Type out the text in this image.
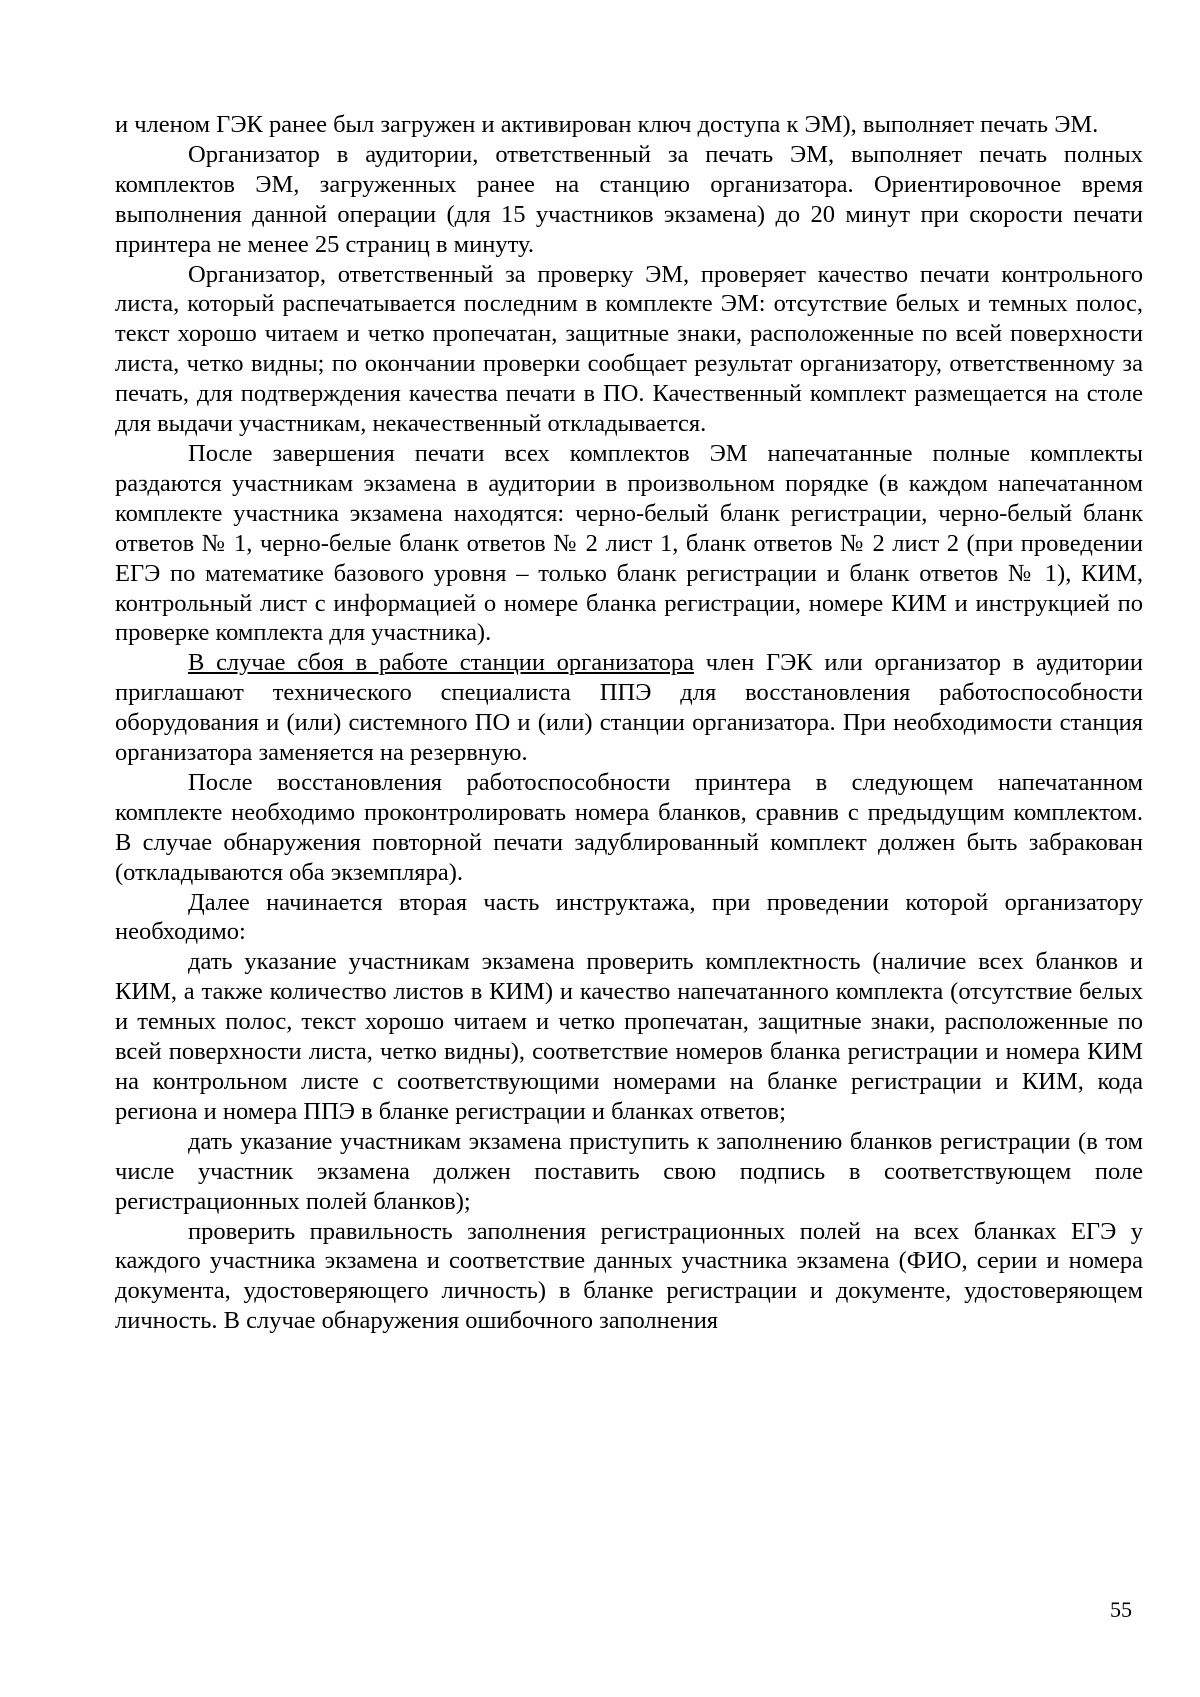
и членом ГЭК ранее был загружен и активирован ключ доступа к ЭМ), выполняет печать ЭМ.

Организатор в аудитории, ответственный за печать ЭМ, выполняет печать полных комплектов ЭМ, загруженных ранее на станцию организатора. Ориентировочное время выполнения данной операции (для 15 участников экзамена) до 20 минут при скорости печати принтера не менее 25 страниц в минуту.

Организатор, ответственный за проверку ЭМ, проверяет качество печати контрольного листа, который распечатывается последним в комплекте ЭМ: отсутствие белых и темных полос, текст хорошо читаем и четко пропечатан, защитные знаки, расположенные по всей поверхности листа, четко видны; по окончании проверки сообщает результат организатору, ответственному за печать, для подтверждения качества печати в ПО. Качественный комплект размещается на столе для выдачи участникам, некачественный откладывается.

После завершения печати всех комплектов ЭМ напечатанные полные комплекты раздаются участникам экзамена в аудитории в произвольном порядке (в каждом напечатанном комплекте участника экзамена находятся: черно-белый бланк регистрации, черно-белый бланк ответов № 1, черно-белые бланк ответов № 2 лист 1, бланк ответов № 2 лист 2 (при проведении ЕГЭ по математике базового уровня – только бланк регистрации и бланк ответов № 1), КИМ, контрольный лист с информацией о номере бланка регистрации, номере КИМ и инструкцией по проверке комплекта для участника).

В случае сбоя в работе станции организатора член ГЭК или организатор в аудитории приглашают технического специалиста ППЭ для восстановления работоспособности оборудования и (или) системного ПО и (или) станции организатора. При необходимости станция организатора заменяется на резервную.

После восстановления работоспособности принтера в следующем напечатанном комплекте необходимо проконтролировать номера бланков, сравнив с предыдущим комплектом. В случае обнаружения повторной печати задублированный комплект должен быть забракован (откладываются оба экземпляра).

Далее начинается вторая часть инструктажа, при проведении которой организатору необходимо:

дать указание участникам экзамена проверить комплектность (наличие всех бланков и КИМ, а также количество листов в КИМ) и качество напечатанного комплекта (отсутствие белых и темных полос, текст хорошо читаем и четко пропечатан, защитные знаки, расположенные по всей поверхности листа, четко видны), соответствие номеров бланка регистрации и номера КИМ на контрольном листе с соответствующими номерами на бланке регистрации и КИМ, кода региона и номера ППЭ в бланке регистрации и бланках ответов;

дать указание участникам экзамена приступить к заполнению бланков регистрации (в том числе участник экзамена должен поставить свою подпись в соответствующем поле регистрационных полей бланков);

проверить правильность заполнения регистрационных полей на всех бланках ЕГЭ у каждого участника экзамена и соответствие данных участника экзамена (ФИО, серии и номера документа, удостоверяющего личность) в бланке регистрации и документе, удостоверяющем личность. В случае обнаружения ошибочного заполнения

55
